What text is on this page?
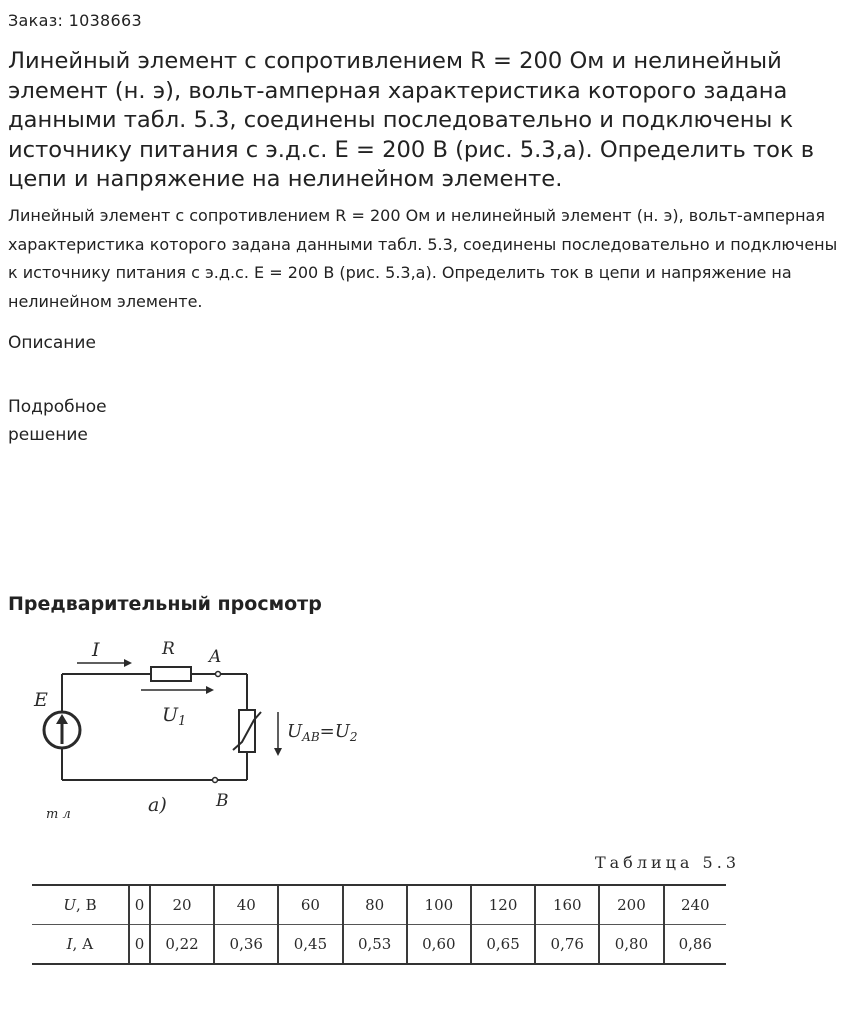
Заказ: 1038663
Линейный элемент с сопротивлением R = 200 Ом и нелинейный элемент (н. э), вольт-амперная характеристика которого задана данными табл. 5.3, соединены последовательно и подключены к источнику питания с э.д.с. E = 200 В (рис. 5.3,а). Определить ток в цепи и напряжение на нелинейном элементе.

Линейный элемент с сопротивлением R = 200 Ом и нелинейный элемент (н. э), вольт-амперная характеристика которого задана данными табл. 5.3, соединены последовательно и подключены к источнику питания с э.д.с. E = 200 В (рис. 5.3,а). Определить ток в цепи и напряжение на нелинейном элементе.

Описание
Подробное решение
Предварительный просмотр
I	R A
E
$U_1$	$U_{AB}=U_2$
a)	B
т л
Таблица 5.3
U, В	0	20	40	60	80	100	120	160	200	240
I, А	0	0,22	0,36	0,45	0,53	0,60	0,65	0,76	0,80	0,86
